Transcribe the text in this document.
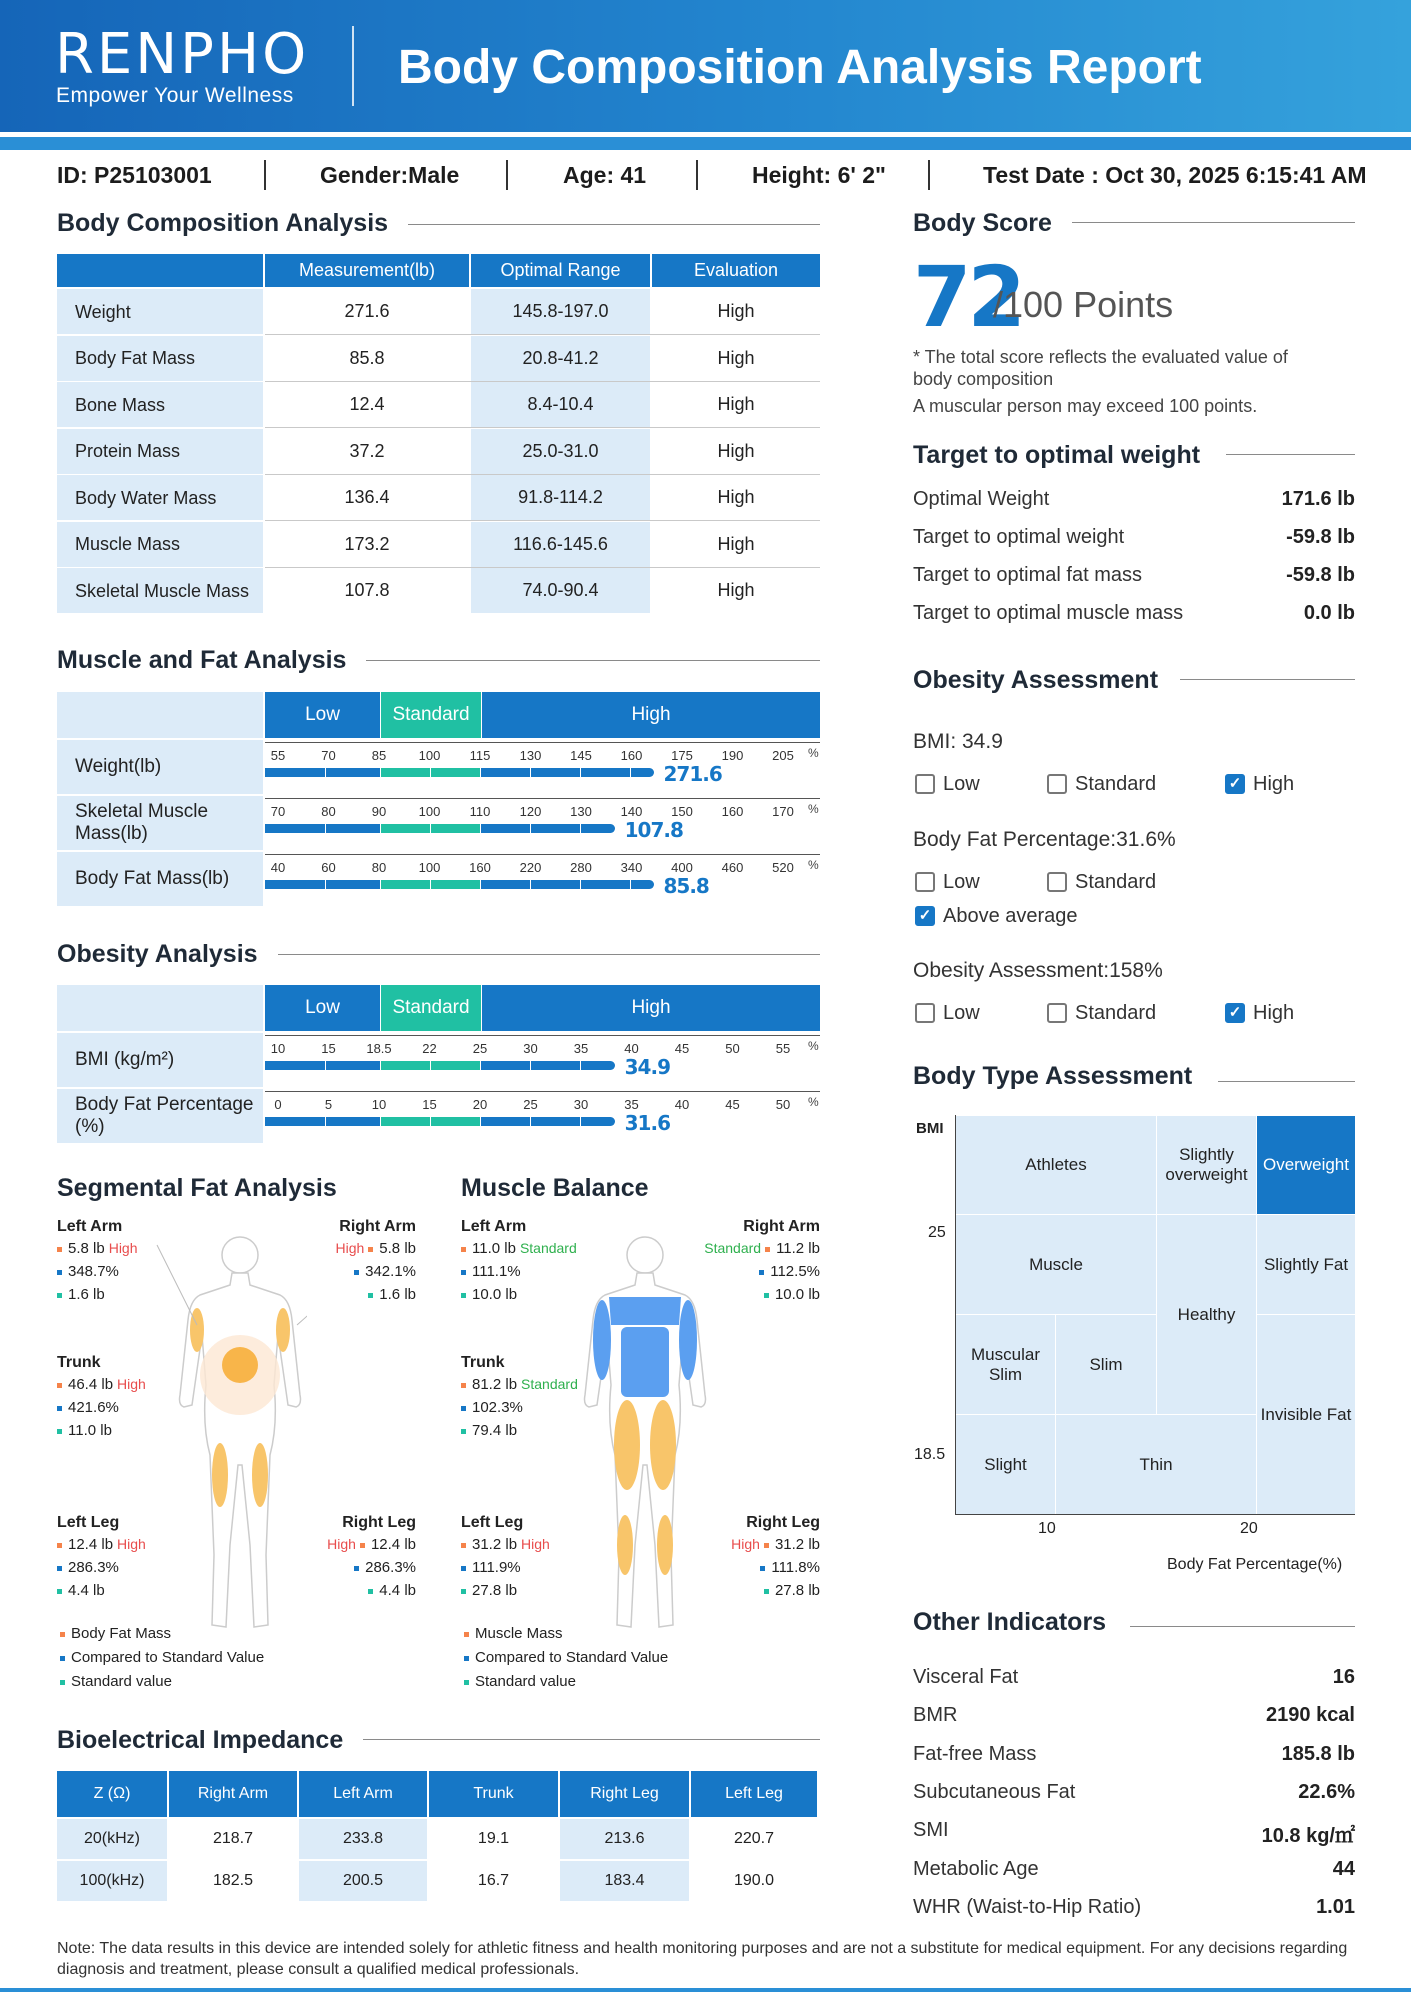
RENPHO
Empower Your Wellness
Body Composition Analysis Report
ID: P25103001	Gender:Male	Age: 41	Height: 6' 2"	Test Date : Oct 30, 2025 6:15:41 AM
Body Composition Analysis
Measurement(lb)	Optimal Range	Evaluation
Weight	271.6	145.8-197.0	High
Body Fat Mass	85.8	20.8-41.2	High
Bone Mass	12.4	8.4-10.4	High
Protein Mass	37.2	25.0-31.0	High
Body Water Mass	136.4	91.8-114.2	High
Muscle Mass	173.2	116.6-145.6	High
Skeletal Muscle Mass	107.8	74.0-90.4	High
Muscle and Fat Analysis
Low	Standard	High
Weight(lb)
55	70	85	100	115	130	145	160	175	190	205	%
271.6
Skeletal Muscle Mass(lb)
70	80	90	100	110	120	130	140	150	160	170	%
107.8
Body Fat Mass(lb)
40	60	80	100	160	220	280	340	400	460	520	%
85.8
Obesity Analysis
Low	Standard	High
BMI (kg/m²)
10	15	18.5	22	25	30	35	40	45	50	55	%
34.9
Body Fat Percentage (%)
0	5	10	15	20	25	30	35	40	45	50	%
31.6
Segmental Fat Analysis
Left Arm
5.8 lb High
348.7%
1.6 lb
Right Arm
High 5.8 lb
342.1%
1.6 lb
Trunk
46.4 lb High
421.6%
11.0 lb
Left Leg
12.4 lb High
286.3%
4.4 lb
Right Leg
High 12.4 lb
286.3%
4.4 lb
Body Fat Mass
Compared to Standard Value
Standard value
Muscle Balance
Left Arm
11.0 lb Standard
111.1%
10.0 lb
Right Arm
Standard 11.2 lb
112.5%
10.0 lb
Trunk
81.2 lb Standard
102.3%
79.4 lb
Left Leg
31.2 lb High
111.9%
27.8 lb
Right Leg
High 31.2 lb
111.8%
27.8 lb
Muscle Mass
Compared to Standard Value
Standard value
Bioelectrical Impedance
Z (Ω)	Right Arm	Left Arm	Trunk	Right Leg	Left Leg
20(kHz)	218.7	233.8	19.1	213.6	220.7
100(kHz)	182.5	200.5	16.7	183.4	190.0
Body Score
72
/100 Points
* The total score reflects the evaluated value of
body composition
A muscular person may exceed 100 points.
Target to optimal weight
Optimal Weight	171.6 lb
Target to optimal weight	-59.8 lb
Target to optimal fat mass	-59.8 lb
Target to optimal muscle mass	0.0 lb
Obesity Assessment
BMI: 34.9
Low	Standard	✓ High
Body Fat Percentage:31.6%
Low	Standard
✓ Above average
Obesity Assessment:158%
Low	Standard	✓ High
Body Type Assessment
BMI
25
18.5
10	20
Body Fat Percentage(%)
Athletes
Slightly overweight
Overweight
Muscle
Healthy
Slightly Fat
Muscular Slim
Slim
Invisible Fat
Slight	Thin
Other Indicators
Visceral Fat	16
BMR	2190 kcal
Fat-free Mass	185.8 lb
Subcutaneous Fat	22.6%
SMI	10.8 kg/㎡
Metabolic Age	44
WHR (Waist-to-Hip Ratio)	1.01
Note: The data results in this device are intended solely for athletic fitness and health monitoring purposes and are not a substitute for medical equipment. For any decisions regarding diagnosis and treatment, please consult a qualified medical professionals.
